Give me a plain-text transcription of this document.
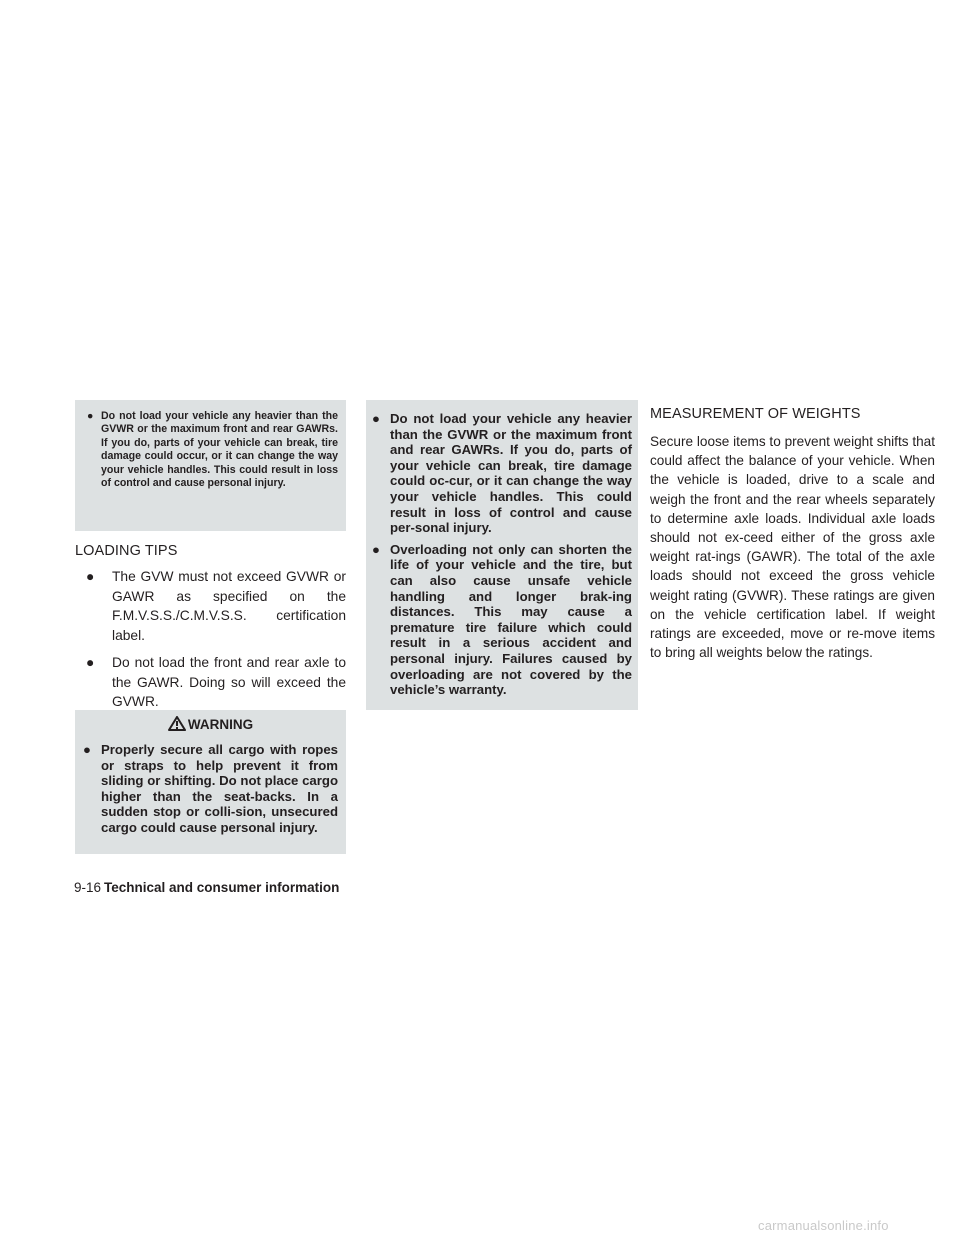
● Do not load your vehicle any heavier than the GVWR or the maximum front and rear GAWRs. If you do, parts of your vehicle can break, tire damage could occur, or it can change the way your vehicle handles. This could result in loss of control and cause personal injury.
LOADING TIPS
● The GVW must not exceed GVWR or GAWR as specified on the F.M.V.S.S./C.M.V.S.S. certification label.
● Do not load the front and rear axle to the GAWR. Doing so will exceed the GVWR.
WARNING
● Properly secure all cargo with ropes or straps to help prevent it from sliding or shifting. Do not place cargo higher than the seat-backs. In a sudden stop or colli-sion, unsecured cargo could cause personal injury.
● Do not load your vehicle any heavier than the GVWR or the maximum front and rear GAWRs. If you do, parts of your vehicle can break, tire damage could oc-cur, or it can change the way your vehicle handles. This could result in loss of control and cause per-sonal injury.
● Overloading not only can shorten the life of your vehicle and the tire, but can also cause unsafe vehicle handling and longer brak-ing distances. This may cause a premature tire failure which could result in a serious accident and personal injury. Failures caused by overloading are not covered by the vehicle’s warranty.
MEASUREMENT OF WEIGHTS

Secure loose items to prevent weight shifts that could affect the balance of your vehicle. When the vehicle is loaded, drive to a scale and weigh the front and the rear wheels separately to determine axle loads. Individual axle loads should not ex-ceed either of the gross axle weight rat-ings (GAWR). The total of the axle loads should not exceed the gross vehicle weight rating (GVWR). These ratings are given on the vehicle certification label. If weight ratings are exceeded, move or re-move items to bring all weights below the ratings.

9-16 Technical and consumer information
carmanualsonline.info
